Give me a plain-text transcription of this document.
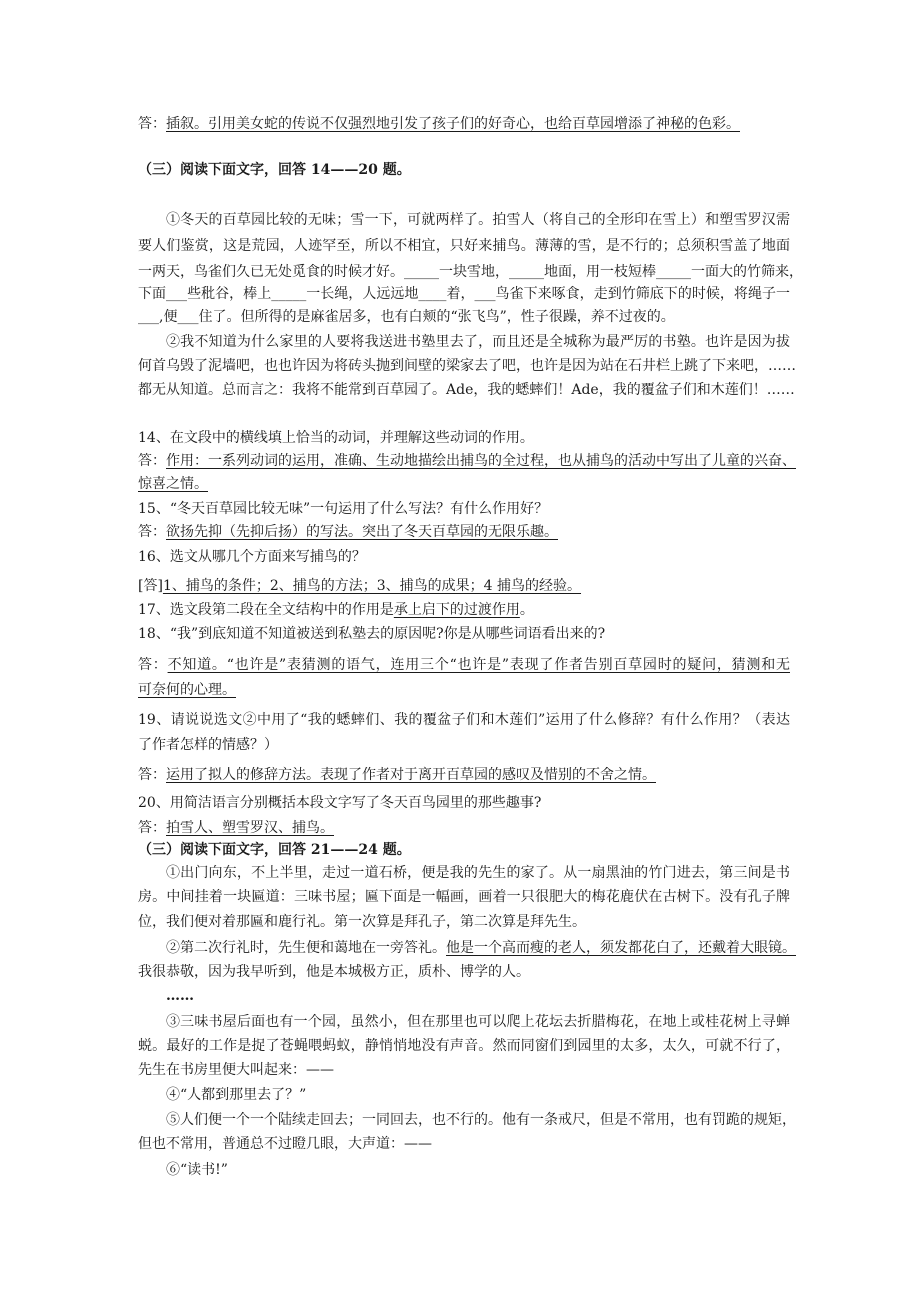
答：插叙。引用美女蛇的传说不仅强烈地引发了孩子们的好奇心，也给百草园增添了神秘的色彩。
（三）阅读下面文字，回答 14——20 题。
①冬天的百草园比较的无味；雪一下，可就两样了。拍雪人（将自己的全形印在雪上）和塑雪罗汉需
要人们鉴赏，这是荒园，人迹罕至，所以不相宜，只好来捕鸟。薄薄的雪，是不行的；总须积雪盖了地面
一两天，鸟雀们久已无处觅食的时候才好。_____一块雪地，_____地面，用一枝短棒_____一面大的竹筛来，
下面___些秕谷，棒上_____一长绳，人远远地____着，___鸟雀下来啄食，走到竹筛底下的时候，将绳子一
___,便___住了。但所得的是麻雀居多，也有白颊的“张飞鸟”，性子很躁，养不过夜的。
②我不知道为什么家里的人要将我送进书塾里去了，而且还是全城称为最严厉的书塾。也许是因为拔
何首乌毁了泥墙吧，也也许因为将砖头抛到间壁的梁家去了吧，也许是因为站在石井栏上跳了下来吧，……
都无从知道。总而言之：我将不能常到百草园了。Ade，我的蟋蟀们！Ade，我的覆盆子们和木莲们！……
14、在文段中的横线填上恰当的动词，并理解这些动词的作用。
答：作用：一系列动词的运用，准确、生动地描绘出捕鸟的全过程，也从捕鸟的活动中写出了儿童的兴奋、
惊喜之情。
15、“冬天百草园比较无味”一句运用了什么写法？有什么作用好？
答：欲扬先抑（先抑后扬）的写法。突出了冬天百草园的无限乐趣。
16、选文从哪几个方面来写捕鸟的？
[答]1、捕鸟的条件；2、捕鸟的方法；3、捕鸟的成果；4 捕鸟的经验。
17、选文段第二段在全文结构中的作用是承上启下的过渡作用。
18、“我”到底知道不知道被送到私塾去的原因呢?你是从哪些词语看出来的?
答：不知道。“也许是”表猜测的语气，连用三个“也许是”表现了作者告别百草园时的疑问，猜测和无
可奈何的心理。
19、请说说选文②中用了“我的蟋蟀们、我的覆盆子们和木莲们”运用了什么修辞？有什么作用？（表达
了作者怎样的情感？）
答：运用了拟人的修辞方法。表现了作者对于离开百草园的感叹及惜别的不舍之情。
20、用简洁语言分别概括本段文字写了冬天百鸟园里的那些趣事?
答：拍雪人、塑雪罗汉、捕鸟。
（三）阅读下面文字，回答 21——24 题。
①出门向东，不上半里，走过一道石桥，便是我的先生的家了。从一扇黑油的竹门进去，第三间是书
房。中间挂着一块匾道：三味书屋；匾下面是一幅画，画着一只很肥大的梅花鹿伏在古树下。没有孔子牌
位，我们便对着那匾和鹿行礼。第一次算是拜孔子，第二次算是拜先生。
②第二次行礼时，先生便和蔼地在一旁答礼。他是一个高而瘦的老人，须发都花白了，还戴着大眼镜。
我很恭敬，因为我早听到，他是本城极方正，质朴、博学的人。
……
③三味书屋后面也有一个园，虽然小，但在那里也可以爬上花坛去折腊梅花，在地上或桂花树上寻蝉
蜕。最好的工作是捉了苍蝇喂蚂蚁，静悄悄地没有声音。然而同窗们到园里的太多，太久，可就不行了，
先生在书房里便大叫起来：——
④“人都到那里去了？”
⑤人们便一个一个陆续走回去；一同回去，也不行的。他有一条戒尺，但是不常用，也有罚跪的规矩，
但也不常用，普通总不过瞪几眼，大声道：——
⑥“读书!”
